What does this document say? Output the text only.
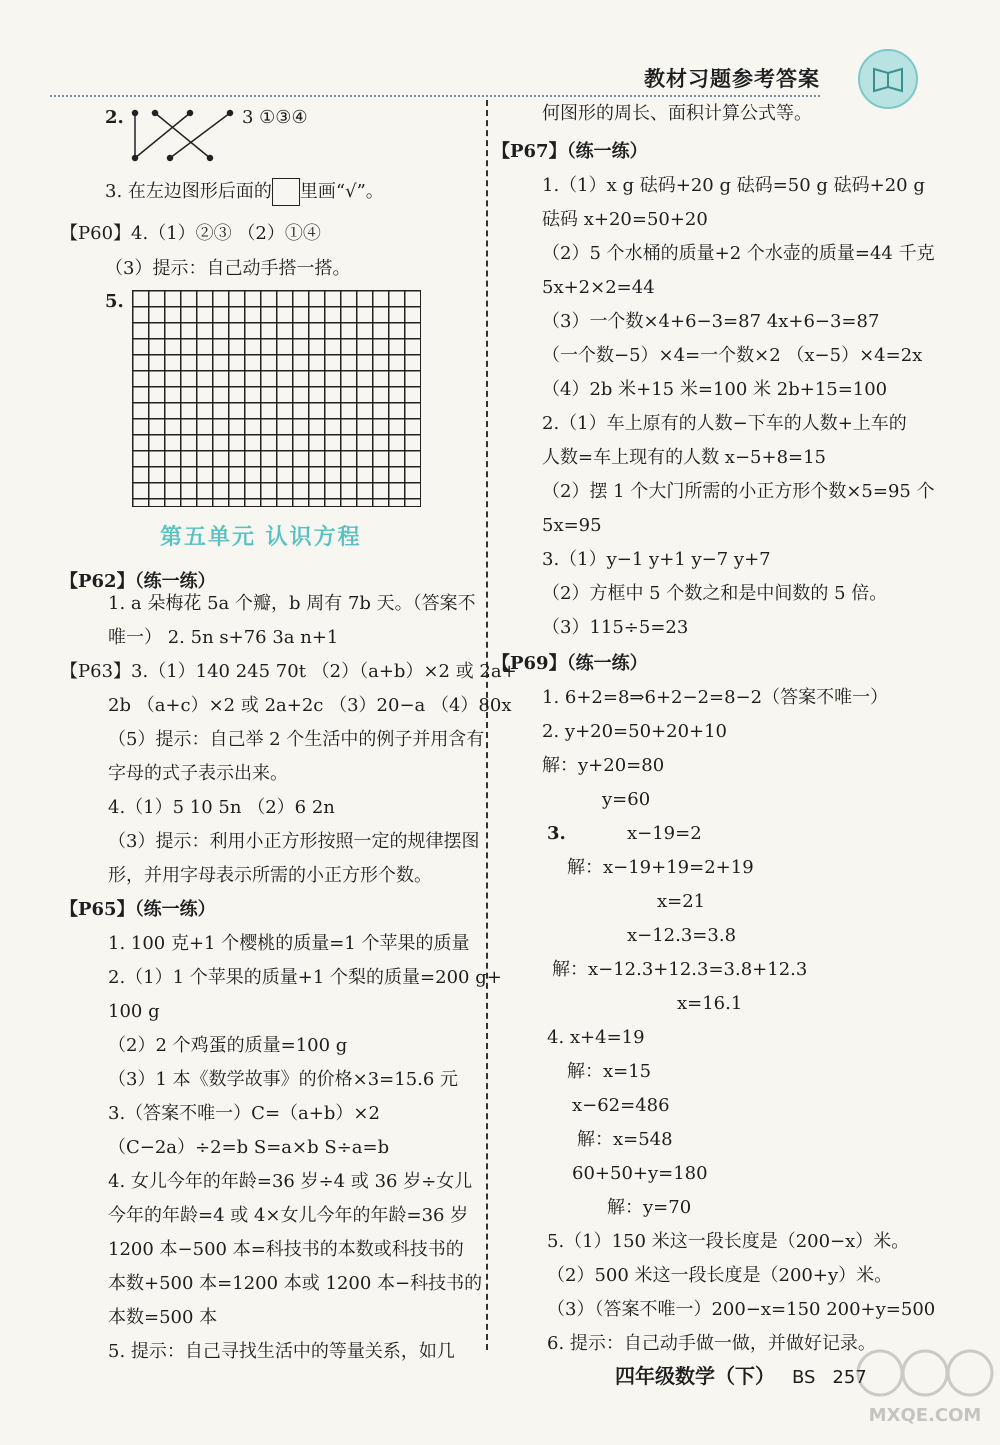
教材习题参考答案
2.	3 ①③④
3. 在左边图形后面的 里画“√”。
【P60】4.（1）②③ （2）①④
（3）提示：自己动手搭一搭。
5.
第五单元 认识方程
【P62】（练一练）
1. a 朵梅花 5a 个瓣，b 周有 7b 天。（答案不
唯一） 2. 5n s+76 3a n+1
【P63】3.（1）140 245 70t （2）（a+b）×2 或 2a+
2b （a+c）×2 或 2a+2c （3）20−a （4）80x
（5）提示：自己举 2 个生活中的例子并用含有
字母的式子表示出来。
4.（1）5 10 5n （2）6 2n
（3）提示：利用小正方形按照一定的规律摆图
形，并用字母表示所需的小正方形个数。
【P65】（练一练）
1. 100 克+1 个樱桃的质量=1 个苹果的质量
2.（1）1 个苹果的质量+1 个梨的质量=200 g+
100 g
（2）2 个鸡蛋的质量=100 g
（3）1 本《数学故事》的价格×3=15.6 元
3.（答案不唯一）C=（a+b）×2
（C−2a）÷2=b S=a×b S÷a=b
4. 女儿今年的年龄=36 岁÷4 或 36 岁÷女儿
今年的年龄=4 或 4×女儿今年的年龄=36 岁
1200 本−500 本=科技书的本数或科技书的
本数+500 本=1200 本或 1200 本−科技书的
本数=500 本
5. 提示：自己寻找生活中的等量关系，如几
何图形的周长、面积计算公式等。
【P67】（练一练）
1.（1）x g 砝码+20 g 砝码=50 g 砝码+20 g
砝码 x+20=50+20
（2）5 个水桶的质量+2 个水壶的质量=44 千克
5x+2×2=44
（3）一个数×4+6−3=87 4x+6−3=87
（一个数−5）×4=一个数×2 （x−5）×4=2x
（4）2b 米+15 米=100 米 2b+15=100
2.（1）车上原有的人数−下车的人数+上车的
人数=车上现有的人数 x−5+8=15
（2）摆 1 个大门所需的小正方形个数×5=95 个
5x=95
3.（1）y−1 y+1 y−7 y+7
（2）方框中 5 个数之和是中间数的 5 倍。
（3）115÷5=23
【P69】（练一练）
1. 6+2=8⇒6+2−2=8−2（答案不唯一）
2. y+20=50+20+10
解：y+20=80
y=60
3.	x−19=2
解：x−19+19=2+19
x=21
x−12.3=3.8
解：x−12.3+12.3=3.8+12.3
x=16.1
4. x+4=19
解：x=15
x−62=486
解：x=548
60+50+y=180
解：y=70
5.（1）150 米这一段长度是（200−x）米。
（2）500 米这一段长度是（200+y）米。
（3）（答案不唯一）200−x=150 200+y=500
6. 提示：自己动手做一做，并做好记录。
四年级数学（下） BS 257
MXQE.COM
